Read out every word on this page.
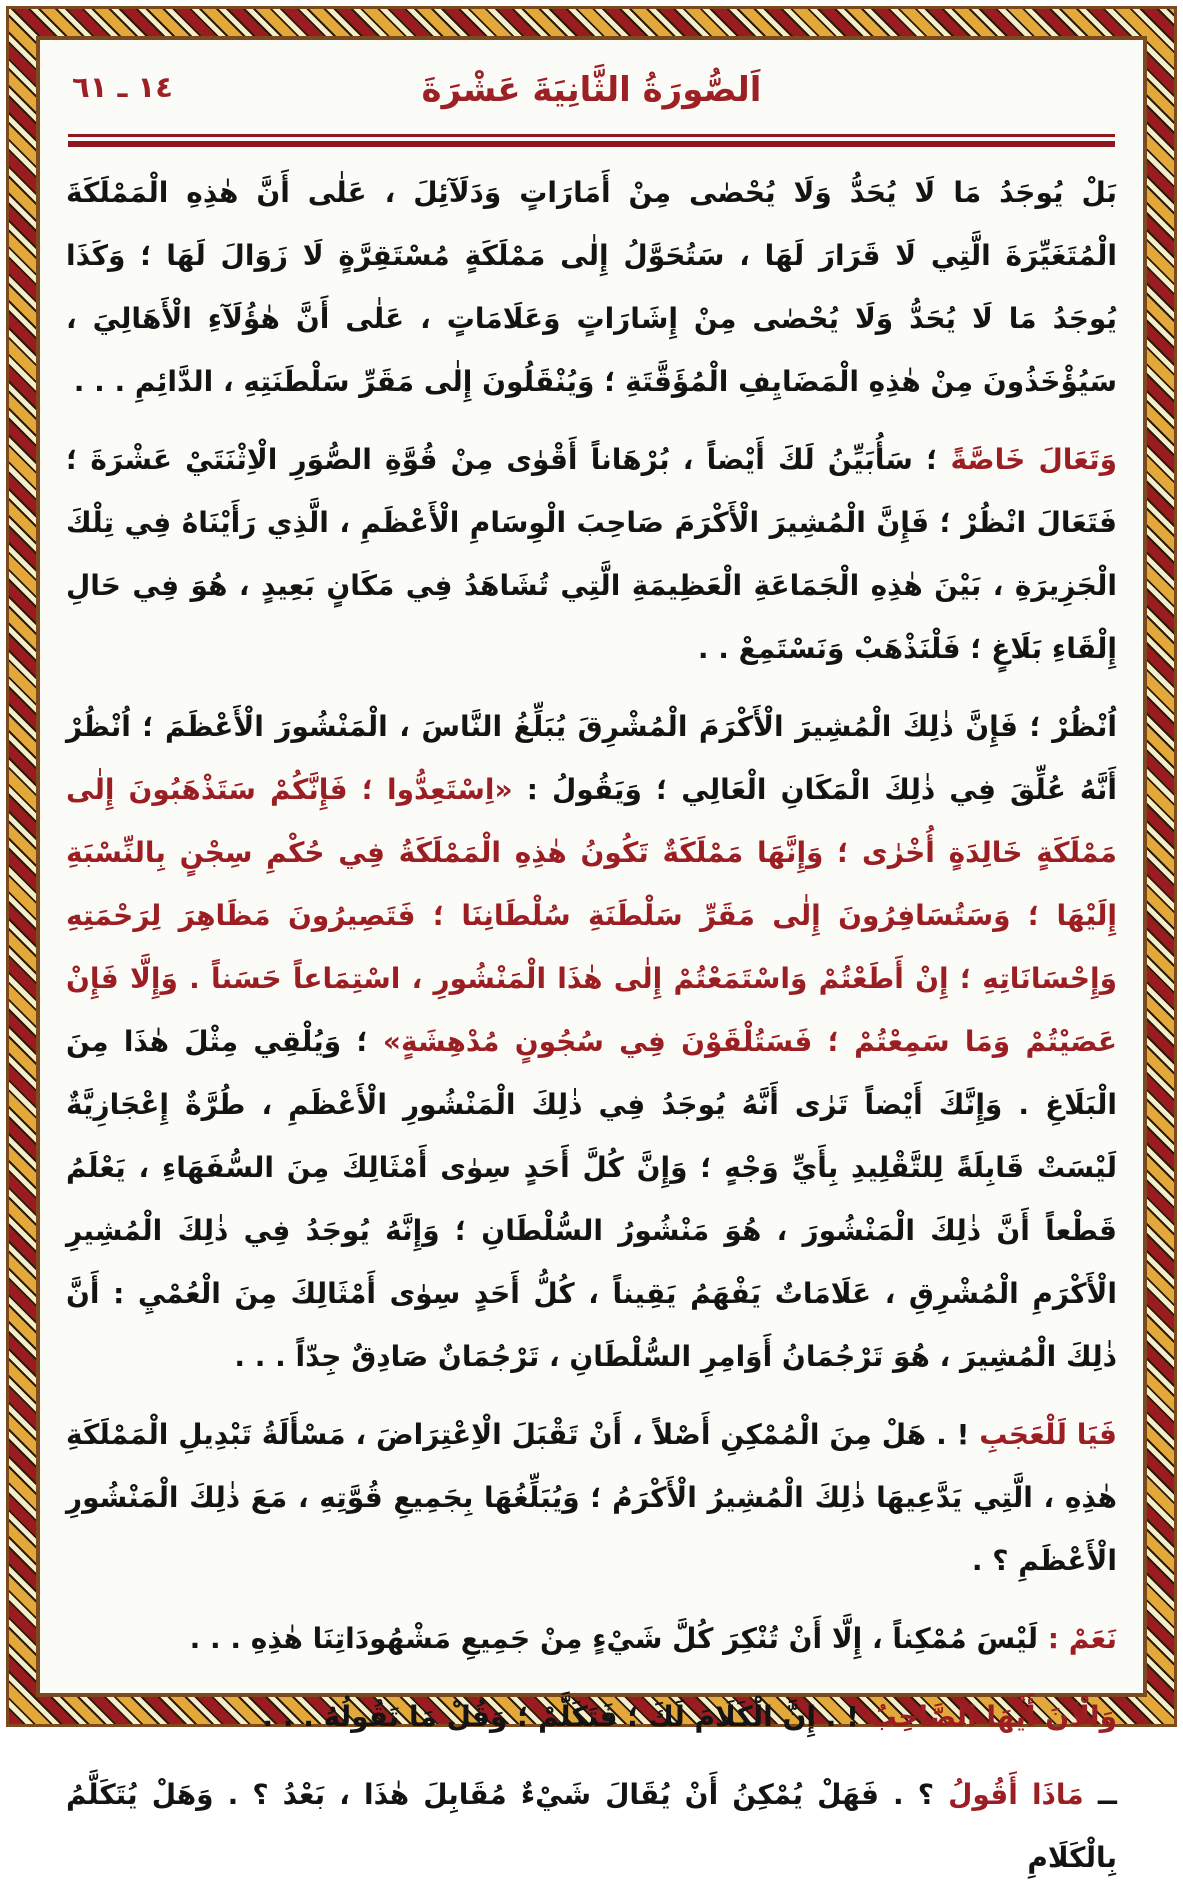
١٤ ـ ٦١	اَلصُّورَةُ الثَّانِيَةَ عَشْرَةَ

بَلْ يُوجَدُ مَا لَا يُحَدُّ وَلَا يُحْصٰى مِنْ أَمَارَاتٍ وَدَلَآئِلَ ، عَلٰى أَنَّ هٰذِهِ الْمَمْلَكَةَ الْمُتَغَيِّرَةَ الَّتِي لَا قَرَارَ لَهَا ، سَتُحَوَّلُ إِلٰى مَمْلَكَةٍ مُسْتَقِرَّةٍ لَا زَوَالَ لَهَا ؛ وَكَذَا يُوجَدُ مَا لَا يُحَدُّ وَلَا يُحْصٰى مِنْ إِشَارَاتٍ وَعَلَامَاتٍ ، عَلٰى أَنَّ هٰؤُلَآءِ الْأَهَالِيَ ، سَيُؤْخَذُونَ مِنْ هٰذِهِ الْمَضَايِفِ الْمُؤَقَّتَةِ ؛ وَيُنْقَلُونَ إِلٰى مَقَرِّ سَلْطَنَتِهِ ، الدَّائِمِ . . .

وَتَعَالَ خَاصَّةً ؛ سَأُبَيِّنُ لَكَ أَيْضاً ، بُرْهَاناً أَقْوٰى مِنْ قُوَّةِ الصُّوَرِ الْاِثْنَتَيْ عَشْرَةَ ؛ فَتَعَالَ انْظُرْ ؛ فَإِنَّ الْمُشِيرَ الْأَكْرَمَ صَاحِبَ الْوِسَامِ الْأَعْظَمِ ، الَّذِي رَأَيْنَاهُ فِي تِلْكَ الْجَزِيرَةِ ، بَيْنَ هٰذِهِ الْجَمَاعَةِ الْعَظِيمَةِ الَّتِي تُشَاهَدُ فِي مَكَانٍ بَعِيدٍ ، هُوَ فِي حَالِ إِلْقَاءِ بَلَاغٍ ؛ فَلْنَذْهَبْ وَنَسْتَمِعْ . .

اُنْظُرْ ؛ فَإِنَّ ذٰلِكَ الْمُشِيرَ الْأَكْرَمَ الْمُشْرِقَ يُبَلِّغُ النَّاسَ ، الْمَنْشُورَ الْأَعْظَمَ ؛ اُنْظُرْ أَنَّهُ عُلِّقَ فِي ذٰلِكَ الْمَكَانِ الْعَالِي ؛ وَيَقُولُ : «اِسْتَعِدُّوا ؛ فَإِنَّكُمْ سَتَذْهَبُونَ إِلٰى مَمْلَكَةٍ خَالِدَةٍ أُخْرٰى ؛ وَإِنَّهَا مَمْلَكَةٌ تَكُونُ هٰذِهِ الْمَمْلَكَةُ فِي حُكْمِ سِجْنٍ بِالنِّسْبَةِ إِلَيْهَا ؛ وَسَتُسَافِرُونَ إِلٰى مَقَرِّ سَلْطَنَةِ سُلْطَانِنَا ؛ فَتَصِيرُونَ مَظَاهِرَ لِرَحْمَتِهِ وَإِحْسَانَاتِهِ ؛ إِنْ أَطَعْتُمْ وَاسْتَمَعْتُمْ إِلٰى هٰذَا الْمَنْشُورِ ، اسْتِمَاعاً حَسَناً . وَإِلَّا فَإِنْ عَصَيْتُمْ وَمَا سَمِعْتُمْ ؛ فَسَتُلْقَوْنَ فِي سُجُونٍ مُدْهِشَةٍ» ؛ وَيُلْقِي مِثْلَ هٰذَا مِنَ الْبَلَاغِ . وَإِنَّكَ أَيْضاً تَرٰى أَنَّهُ يُوجَدُ فِي ذٰلِكَ الْمَنْشُورِ الْأَعْظَمِ ، طُرَّةٌ إِعْجَازِيَّةٌ لَيْسَتْ قَابِلَةً لِلتَّقْلِيدِ بِأَيِّ وَجْهٍ ؛ وَإِنَّ كُلَّ أَحَدٍ سِوٰى أَمْثَالِكَ مِنَ السُّفَهَاءِ ، يَعْلَمُ قَطْعاً أَنَّ ذٰلِكَ الْمَنْشُورَ ، هُوَ مَنْشُورُ السُّلْطَانِ ؛ وَإِنَّهُ يُوجَدُ فِي ذٰلِكَ الْمُشِيرِ الْأَكْرَمِ الْمُشْرِقِ ، عَلَامَاتٌ يَفْهَمُ يَقِيناً ، كُلُّ أَحَدٍ سِوٰى أَمْثَالِكَ مِنَ الْعُمْيِ : أَنَّ ذٰلِكَ الْمُشِيرَ ، هُوَ تَرْجُمَانُ أَوَامِرِ السُّلْطَانِ ، تَرْجُمَانٌ صَادِقٌ جِدّاً . . .

فَيَا لَلْعَجَبِ ! . هَلْ مِنَ الْمُمْكِنِ أَصْلاً ، أَنْ تَقْبَلَ الْاِعْتِرَاضَ ، مَسْأَلَةُ تَبْدِيلِ الْمَمْلَكَةِ هٰذِهِ ، الَّتِي يَدَّعِيهَا ذٰلِكَ الْمُشِيرُ الْأَكْرَمُ ؛ وَيُبَلِّغُهَا بِجَمِيعِ قُوَّتِهِ ، مَعَ ذٰلِكَ الْمَنْشُورِ الْأَعْظَمِ ؟ .

نَعَمْ : لَيْسَ مُمْكِناً ، إِلَّا أَنْ تُنْكِرَ كُلَّ شَيْءٍ مِنْ جَمِيعِ مَشْهُودَاتِنَا هٰذِهِ . . .

وَالْآنَ أَيُّهَا الصَّاحِبُ ! . إِنَّ الْكَلَامَ لَكَ ؛ فَتَكَلَّمْ ؛ وَقُلْ مَا تَقُولُهُ . . .

ــ مَاذَا أَقُولُ ؟ . فَهَلْ يُمْكِنُ أَنْ يُقَالَ شَيْءٌ مُقَابِلَ هٰذَا ، بَعْدُ ؟ . وَهَلْ يُتَكَلَّمُ بِالْكَلَامِ
